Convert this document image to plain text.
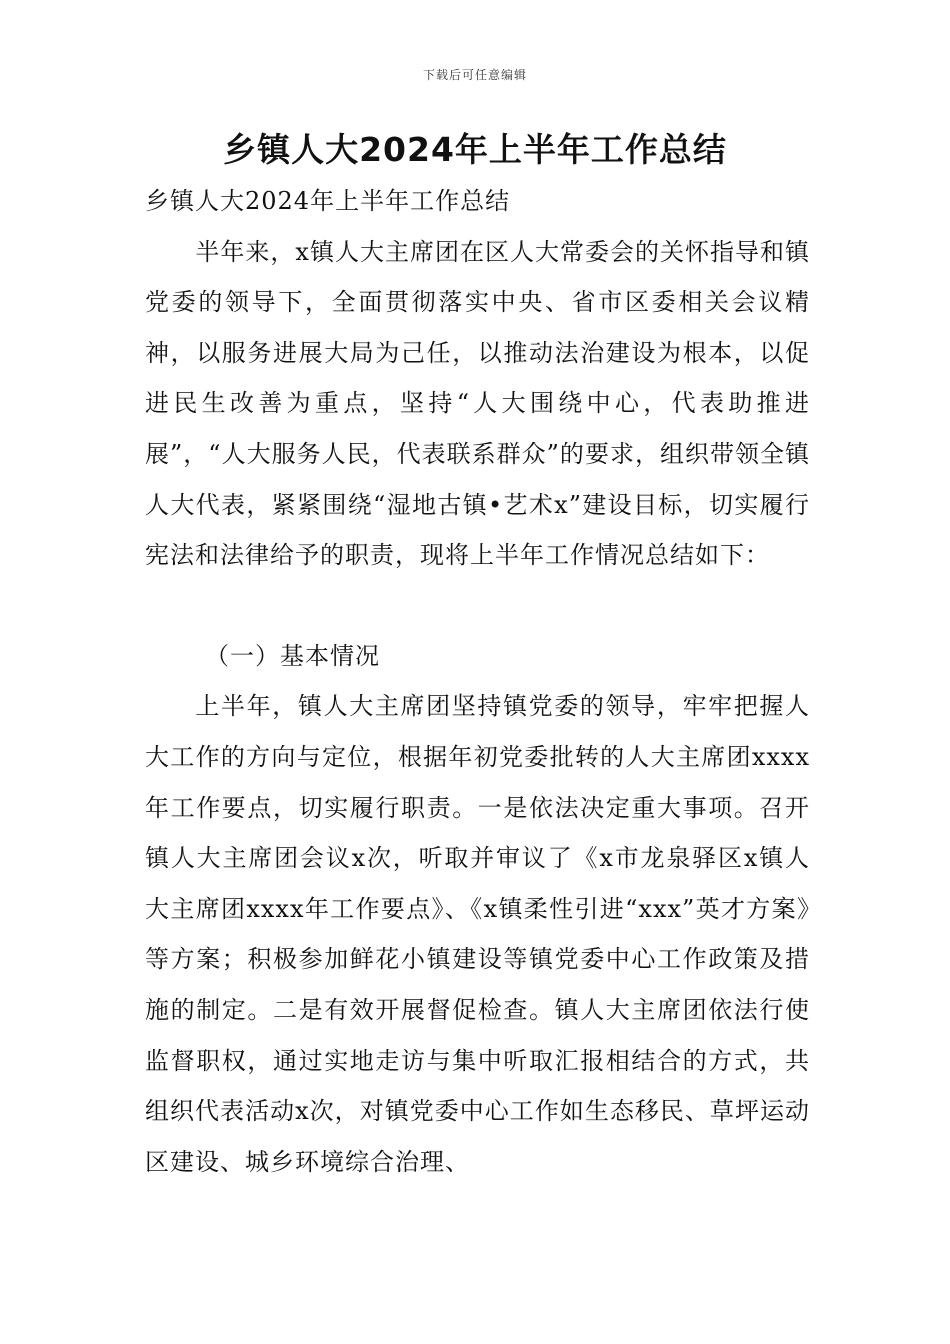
下载后可任意编辑
乡镇人大2024年上半年工作总结

乡镇人大2024年上半年工作总结

半年来，x镇人大主席团在区人大常委会的关怀指导和镇党委的领导下，全面贯彻落实中央、省市区委相关会议精神，以服务进展大局为己任，以推动法治建设为根本，以促进民生改善为重点，坚持“人大围绕中心，代表助推进展”，“人大服务人民，代表联系群众”的要求，组织带领全镇人大代表，紧紧围绕“湿地古镇•艺术x”建设目标，切实履行宪法和法律给予的职责，现将上半年工作情况总结如下：

（一）基本情况

上半年，镇人大主席团坚持镇党委的领导，牢牢把握人大工作的方向与定位，根据年初党委批转的人大主席团xxxx年工作要点，切实履行职责。一是依法决定重大事项。召开镇人大主席团会议x次，听取并审议了《x市龙泉驿区x镇人大主席团xxxx年工作要点》、《x镇柔性引进“xxx”英才方案》等方案；积极参加鲜花小镇建设等镇党委中心工作政策及措施的制定。二是有效开展督促检查。镇人大主席团依法行使监督职权，通过实地走访与集中听取汇报相结合的方式，共组织代表活动x次，对镇党委中心工作如生态移民、草坪运动区建设、城乡环境综合治理、
